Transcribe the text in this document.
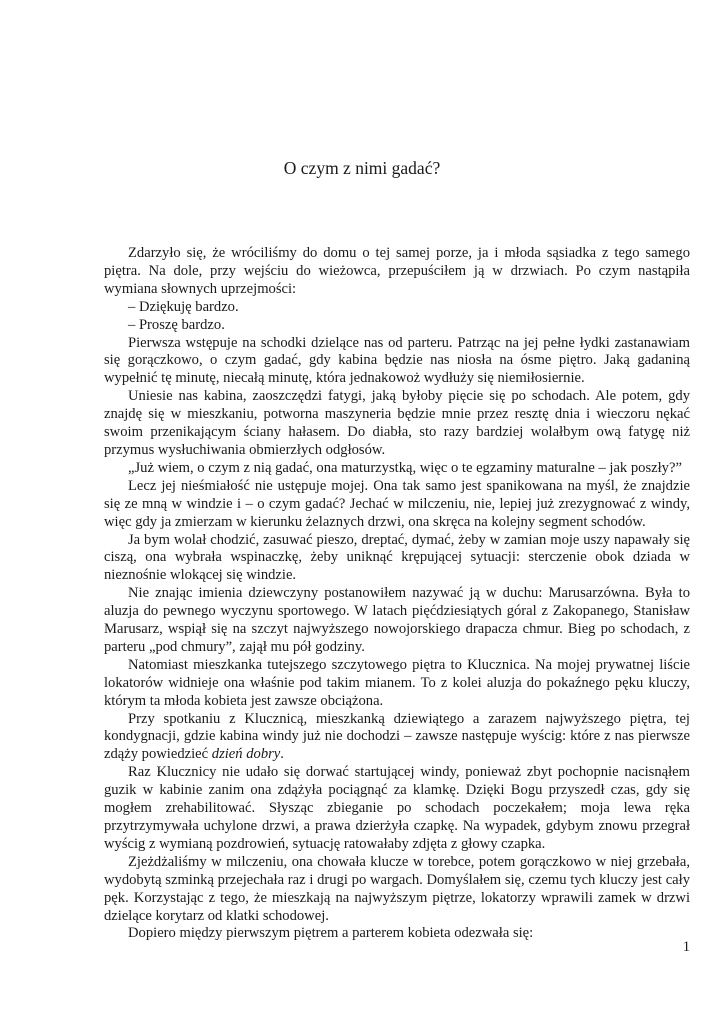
O czym z nimi gadać?

Zdarzyło się, że wróciliśmy do domu o tej samej porze, ja i młoda sąsiadka z tego samego piętra. Na dole, przy wejściu do wieżowca, przepuściłem ją w drzwiach. Po czym nastąpiła wymiana słownych uprzejmości:

– Dziękuję bardzo.

– Proszę bardzo.

Pierwsza wstępuje na schodki dzielące nas od parteru. Patrząc na jej pełne łydki zastanawiam się gorączkowo, o czym gadać, gdy kabina będzie nas niosła na ósme piętro. Jaką gadaniną wypełnić tę minutę, niecałą minutę, która jednakowoż wydłuży się niemiłosiernie.

Uniesie nas kabina, zaoszczędzi fatygi, jaką byłoby pięcie się po schodach. Ale potem, gdy znajdę się w mieszkaniu, potworna maszyneria będzie mnie przez resztę dnia i wieczoru nękać swoim przenikającym ściany hałasem. Do diabła, sto razy bardziej wolałbym ową fatygę niż przymus wysłuchiwania obmierzłych odgłosów.

„Już wiem, o czym z nią gadać, ona maturzystką, więc o te egzaminy maturalne – jak poszły?”

Lecz jej nieśmiałość nie ustępuje mojej. Ona tak samo jest spanikowana na myśl, że znajdzie się ze mną w windzie i – o czym gadać? Jechać w milczeniu, nie, lepiej już zrezygnować z windy, więc gdy ja zmierzam w kierunku żelaznych drzwi, ona skręca na kolejny segment schodów.

Ja bym wolał chodzić, zasuwać pieszo, dreptać, dymać, żeby w zamian moje uszy napawały się ciszą, ona wybrała wspinaczkę, żeby uniknąć krępującej sytuacji: sterczenie obok dziada w nieznośnie wlokącej się windzie.

Nie znając imienia dziewczyny postanowiłem nazywać ją w duchu: Marusarzówna. Była to aluzja do pewnego wyczynu sportowego. W latach pięćdziesiątych góral z Zakopanego, Stanisław Marusarz, wspiął się na szczyt najwyższego nowojorskiego drapacza chmur. Bieg po schodach, z parteru „pod chmury”, zajął mu pół godziny.

Natomiast mieszkanka tutejszego szczytowego piętra to Klucznica. Na mojej prywatnej liście lokatorów widnieje ona właśnie pod takim mianem. To z kolei aluzja do pokaźnego pęku kluczy, którym ta młoda kobieta jest zawsze obciążona.

Przy spotkaniu z Klucznicą, mieszkanką dziewiątego a zarazem najwyższego piętra, tej kondygnacji, gdzie kabina windy już nie dochodzi – zawsze następuje wyścig: które z nas pierwsze zdąży powiedzieć dzień dobry.

Raz Klucznicy nie udało się dorwać startującej windy, ponieważ zbyt pochopnie nacisnąłem guzik w kabinie zanim ona zdążyła pociągnąć za klamkę. Dzięki Bogu przyszedł czas, gdy się mogłem zrehabilitować. Słysząc zbieganie po schodach poczekałem; moja lewa ręka przytrzymywała uchylone drzwi, a prawa dzierżyła czapkę. Na wypadek, gdybym znowu przegrał wyścig z wymianą pozdrowień, sytuację ratowałaby zdjęta z głowy czapka.

Zjeżdżaliśmy w milczeniu, ona chowała klucze w torebce, potem gorączkowo w niej grzebała, wydobytą szminką przejechała raz i drugi po wargach. Domyślałem się, czemu tych kluczy jest cały pęk. Korzystając z tego, że mieszkają na najwyższym piętrze, lokatorzy wprawili zamek w drzwi dzielące korytarz od klatki schodowej.

Dopiero między pierwszym piętrem a parterem kobieta odezwała się:

1
